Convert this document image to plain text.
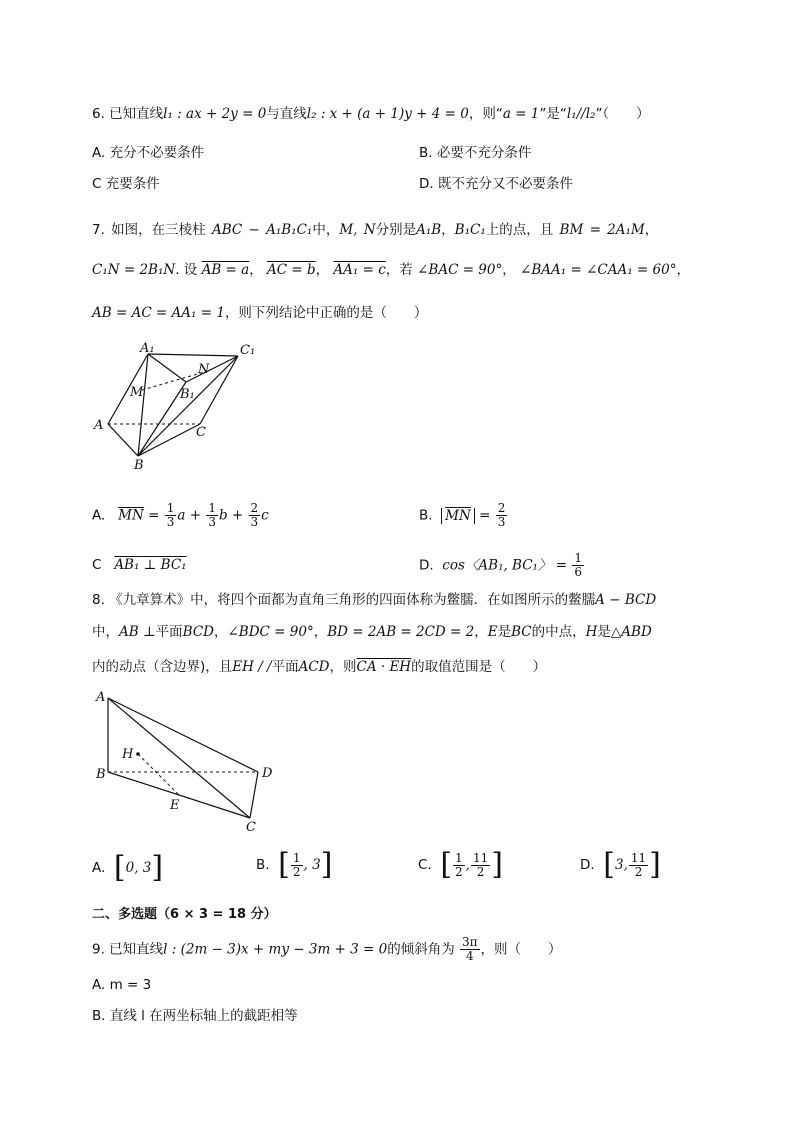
6. 已知直线l₁ : ax + 2y = 0与直线l₂ : x + (a + 1)y + 4 = 0，则“a = 1”是“l₁//l₂”（　　）
A. 充分不必要条件	B. 必要不充分条件
C 充要条件	D. 既不充分又不必要条件
7. 如图，在三棱柱 ABC − A₁B₁C₁中，M, N分别是A₁B，B₁C₁上的点，且 BM = 2A₁M，
C₁N = 2B₁N. 设 AB = a， AC = b， AA₁ = c，若 ∠BAC = 90°， ∠BAA₁ = ∠CAA₁ = 60°，
AB = AC = AA₁ = 1，则下列结论中正确的是（　　）
A₁	C₁
N
M	B₁
A	C
B
A. $\overline{MN} = \frac{1}{3}$ $a + \frac{1}{3}$ $b + \frac{2}{3}$ c	B. $\overline{MN} = \frac{2}{3}$
C AB₁ ⊥ BC₁	D. cos〈AB₁, BC₁〉 = $\frac{1}{6}$
8. 《九章算术》中，将四个面都为直角三角形的四面体称为鳖臑．在如图所示的鳖臑A − BCD
中，AB ⊥平面BCD，∠BDC = 90°，BD = 2AB = 2CD = 2，E是BC的中点，H是△ABD
内的动点（含边界)，且EH / /平面ACD，则CA · EH的取值范围是（　　）
A
B
H
E
D
C
A. [0, 3]	B. [ $\frac{1}{2}$ , 3]	C. [ $\frac{1}{2}$ , $\frac{11}{2}$ ]	D. [3, $\frac{11}{2}$ ]
二、多选题（6 × 3 = 18 分）
9. 已知直线l : (2m − 3)x + my − 3m + 3 = 0的倾斜角为 $\frac{3\pi}{4}$ ，则（　　）
A. m = 3
B. 直线 l 在两坐标轴上的截距相等
